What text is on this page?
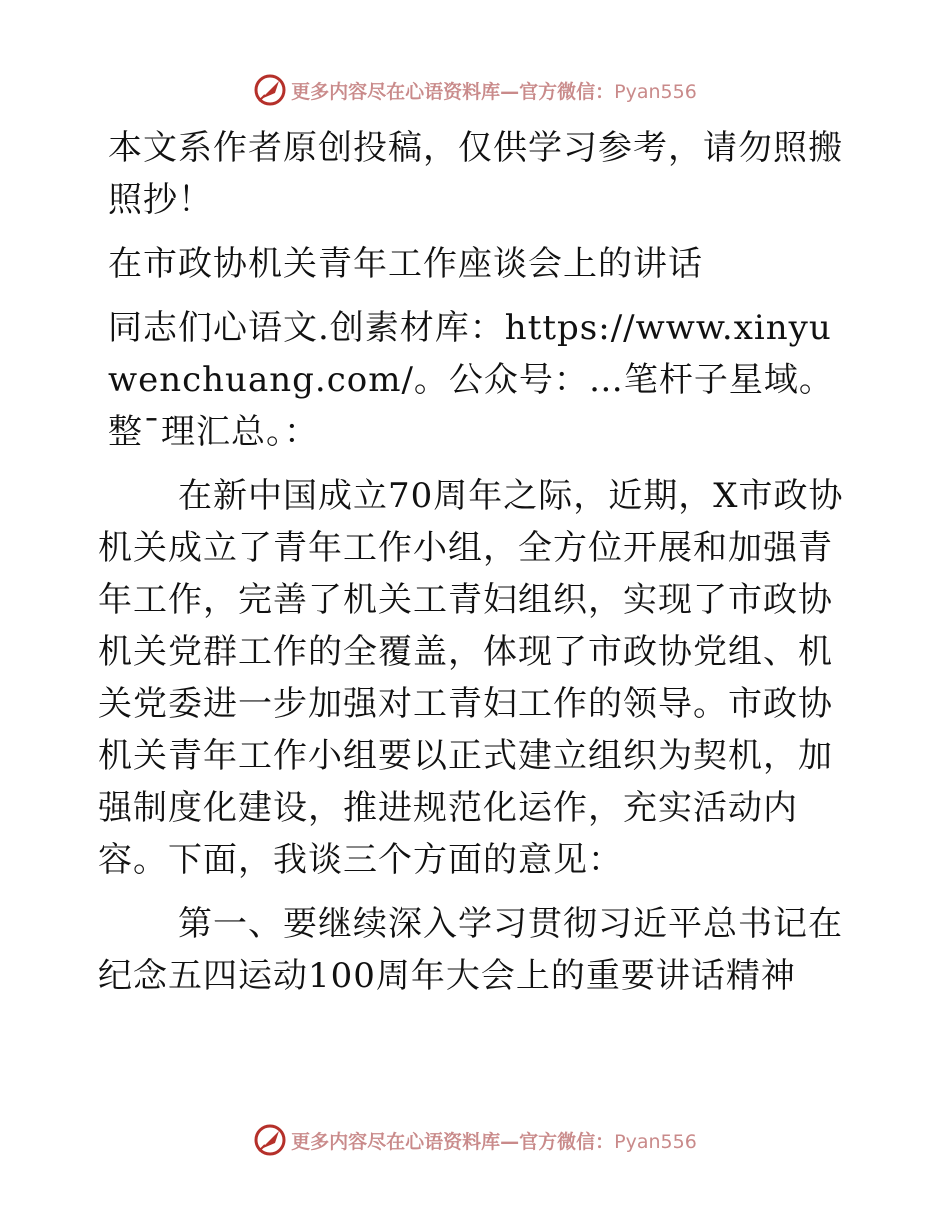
更多内容尽在心语资料库—官方微信：Pyan556

本文系作者原创投稿，仅供学习参考，请勿照搬照抄！

在市政协机关青年工作座谈会上的讲话

同志们心语文.创素材库：https://www.xinyuwenchuang.com/。公众号：…笔杆子星域。整¯理汇总。：

在新中国成立70周年之际，近期，X市政协机关成立了青年工作小组，全方位开展和加强青年工作，完善了机关工青妇组织，实现了市政协机关党群工作的全覆盖，体现了市政协党组、机关党委进一步加强对工青妇工作的领导。市政协机关青年工作小组要以正式建立组织为契机，加强制度化建设，推进规范化运作，充实活动内容。下面，我谈三个方面的意见：

第一、要继续深入学习贯彻习近平总书记在纪念五四运动100周年大会上的重要讲话精神

更多内容尽在心语资料库—官方微信：Pyan556
